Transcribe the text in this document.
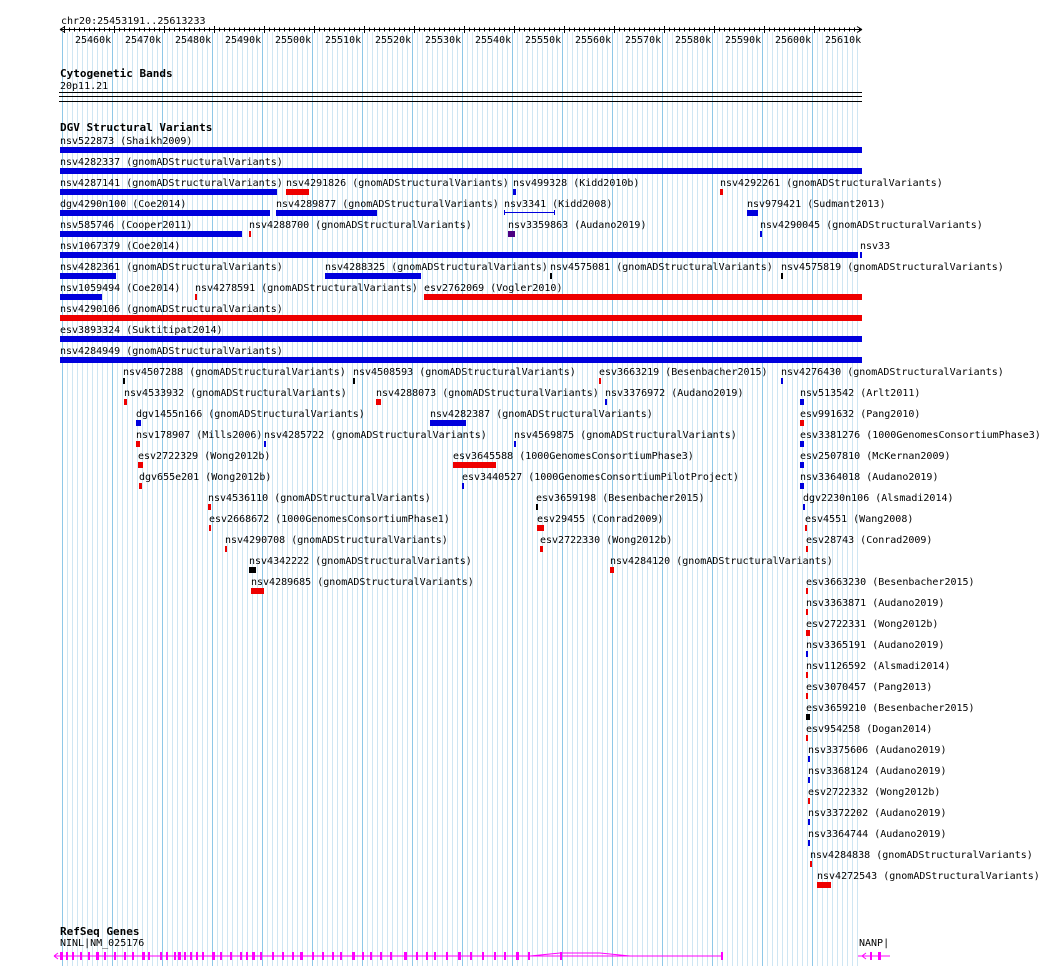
chr20:25453191..25613233
25460k 25470k 25480k 25490k 25500k 25510k 25520k 25530k 25540k 25550k 25560k 25570k 25580k 25590k 25600k 25610k
Cytogenetic Bands
20p11.21
DGV Structural Variants
nsv522873 (Shaikh2009)
nsv4282337 (gnomADStructuralVariants)
nsv4287141 (gnomADStructuralVariants) nsv4291826 (gnomADStructuralVariants) nsv499328 (Kidd2010b)	nsv4292261 (gnomADStructuralVariants)
dgv4290n100 (Coe2014)	nsv4289877 (gnomADStructuralVariants) nsv3341 (Kidd2008)	nsv979421 (Sudmant2013)
nsv585746 (Cooper2011)	nsv4288700 (gnomADStructuralVariants)	nsv3359863 (Audano2019)	nsv4290045 (gnomADStructuralVariants)
nsv1067379 (Coe2014)	nsv33
nsv4282361 (gnomADStructuralVariants)	nsv4288325 (gnomADStructuralVariants) nsv4575081 (gnomADStructuralVariants) nsv4575819 (gnomADStructuralVariants)
nsv1059494 (Coe2014) nsv4278591 (gnomADStructuralVariants) esv2762069 (Vogler2010)
nsv4290106 (gnomADStructuralVariants)
esv3893324 (Suktitipat2014)
nsv4284949 (gnomADStructuralVariants)
nsv4507288 (gnomADStructuralVariants) nsv4508593 (gnomADStructuralVariants) esv3663219 (Besenbacher2015) nsv4276430 (gnomADStructuralVariants)
nsv4533932 (gnomADStructuralVariants)	nsv4288073 (gnomADStructuralVariants) nsv3376972 (Audano2019)	nsv513542 (Arlt2011)
dgv1455n166 (gnomADStructuralVariants)	nsv4282387 (gnomADStructuralVariants)	esv991632 (Pang2010)
nsv178907 (Mills2006) nsv4285722 (gnomADStructuralVariants)	nsv4569875 (gnomADStructuralVariants)	esv3381276 (1000GenomesConsortiumPhase3)
esv2722329 (Wong2012b)	esv3645588 (1000GenomesConsortiumPhase3)	esv2507810 (McKernan2009)
dgv655e201 (Wong2012b)	esv3440527 (1000GenomesConsortiumPilotProject)	nsv3364018 (Audano2019)
nsv4536110 (gnomADStructuralVariants)	esv3659198 (Besenbacher2015)	dgv2230n106 (Alsmadi2014)
esv2668672 (1000GenomesConsortiumPhase1)	esv29455 (Conrad2009)	esv4551 (Wang2008)
nsv4290708 (gnomADStructuralVariants)	esv2722330 (Wong2012b)	esv28743 (Conrad2009)
nsv4342222 (gnomADStructuralVariants)	nsv4284120 (gnomADStructuralVariants)
nsv4289685 (gnomADStructuralVariants)	esv3663230 (Besenbacher2015)
nsv3363871 (Audano2019)
esv2722331 (Wong2012b)
nsv3365191 (Audano2019)
nsv1126592 (Alsmadi2014)
esv3070457 (Pang2013)
esv3659210 (Besenbacher2015)
esv954258 (Dogan2014)
nsv3375606 (Audano2019)
nsv3368124 (Audano2019)
esv2722332 (Wong2012b)
nsv3372202 (Audano2019)
nsv3364744 (Audano2019)
nsv4284838 (gnomADStructuralVariants)
nsv4272543 (gnomADStructuralVariants)
RefSeq Genes
NINL|NM_025176	NANP|
